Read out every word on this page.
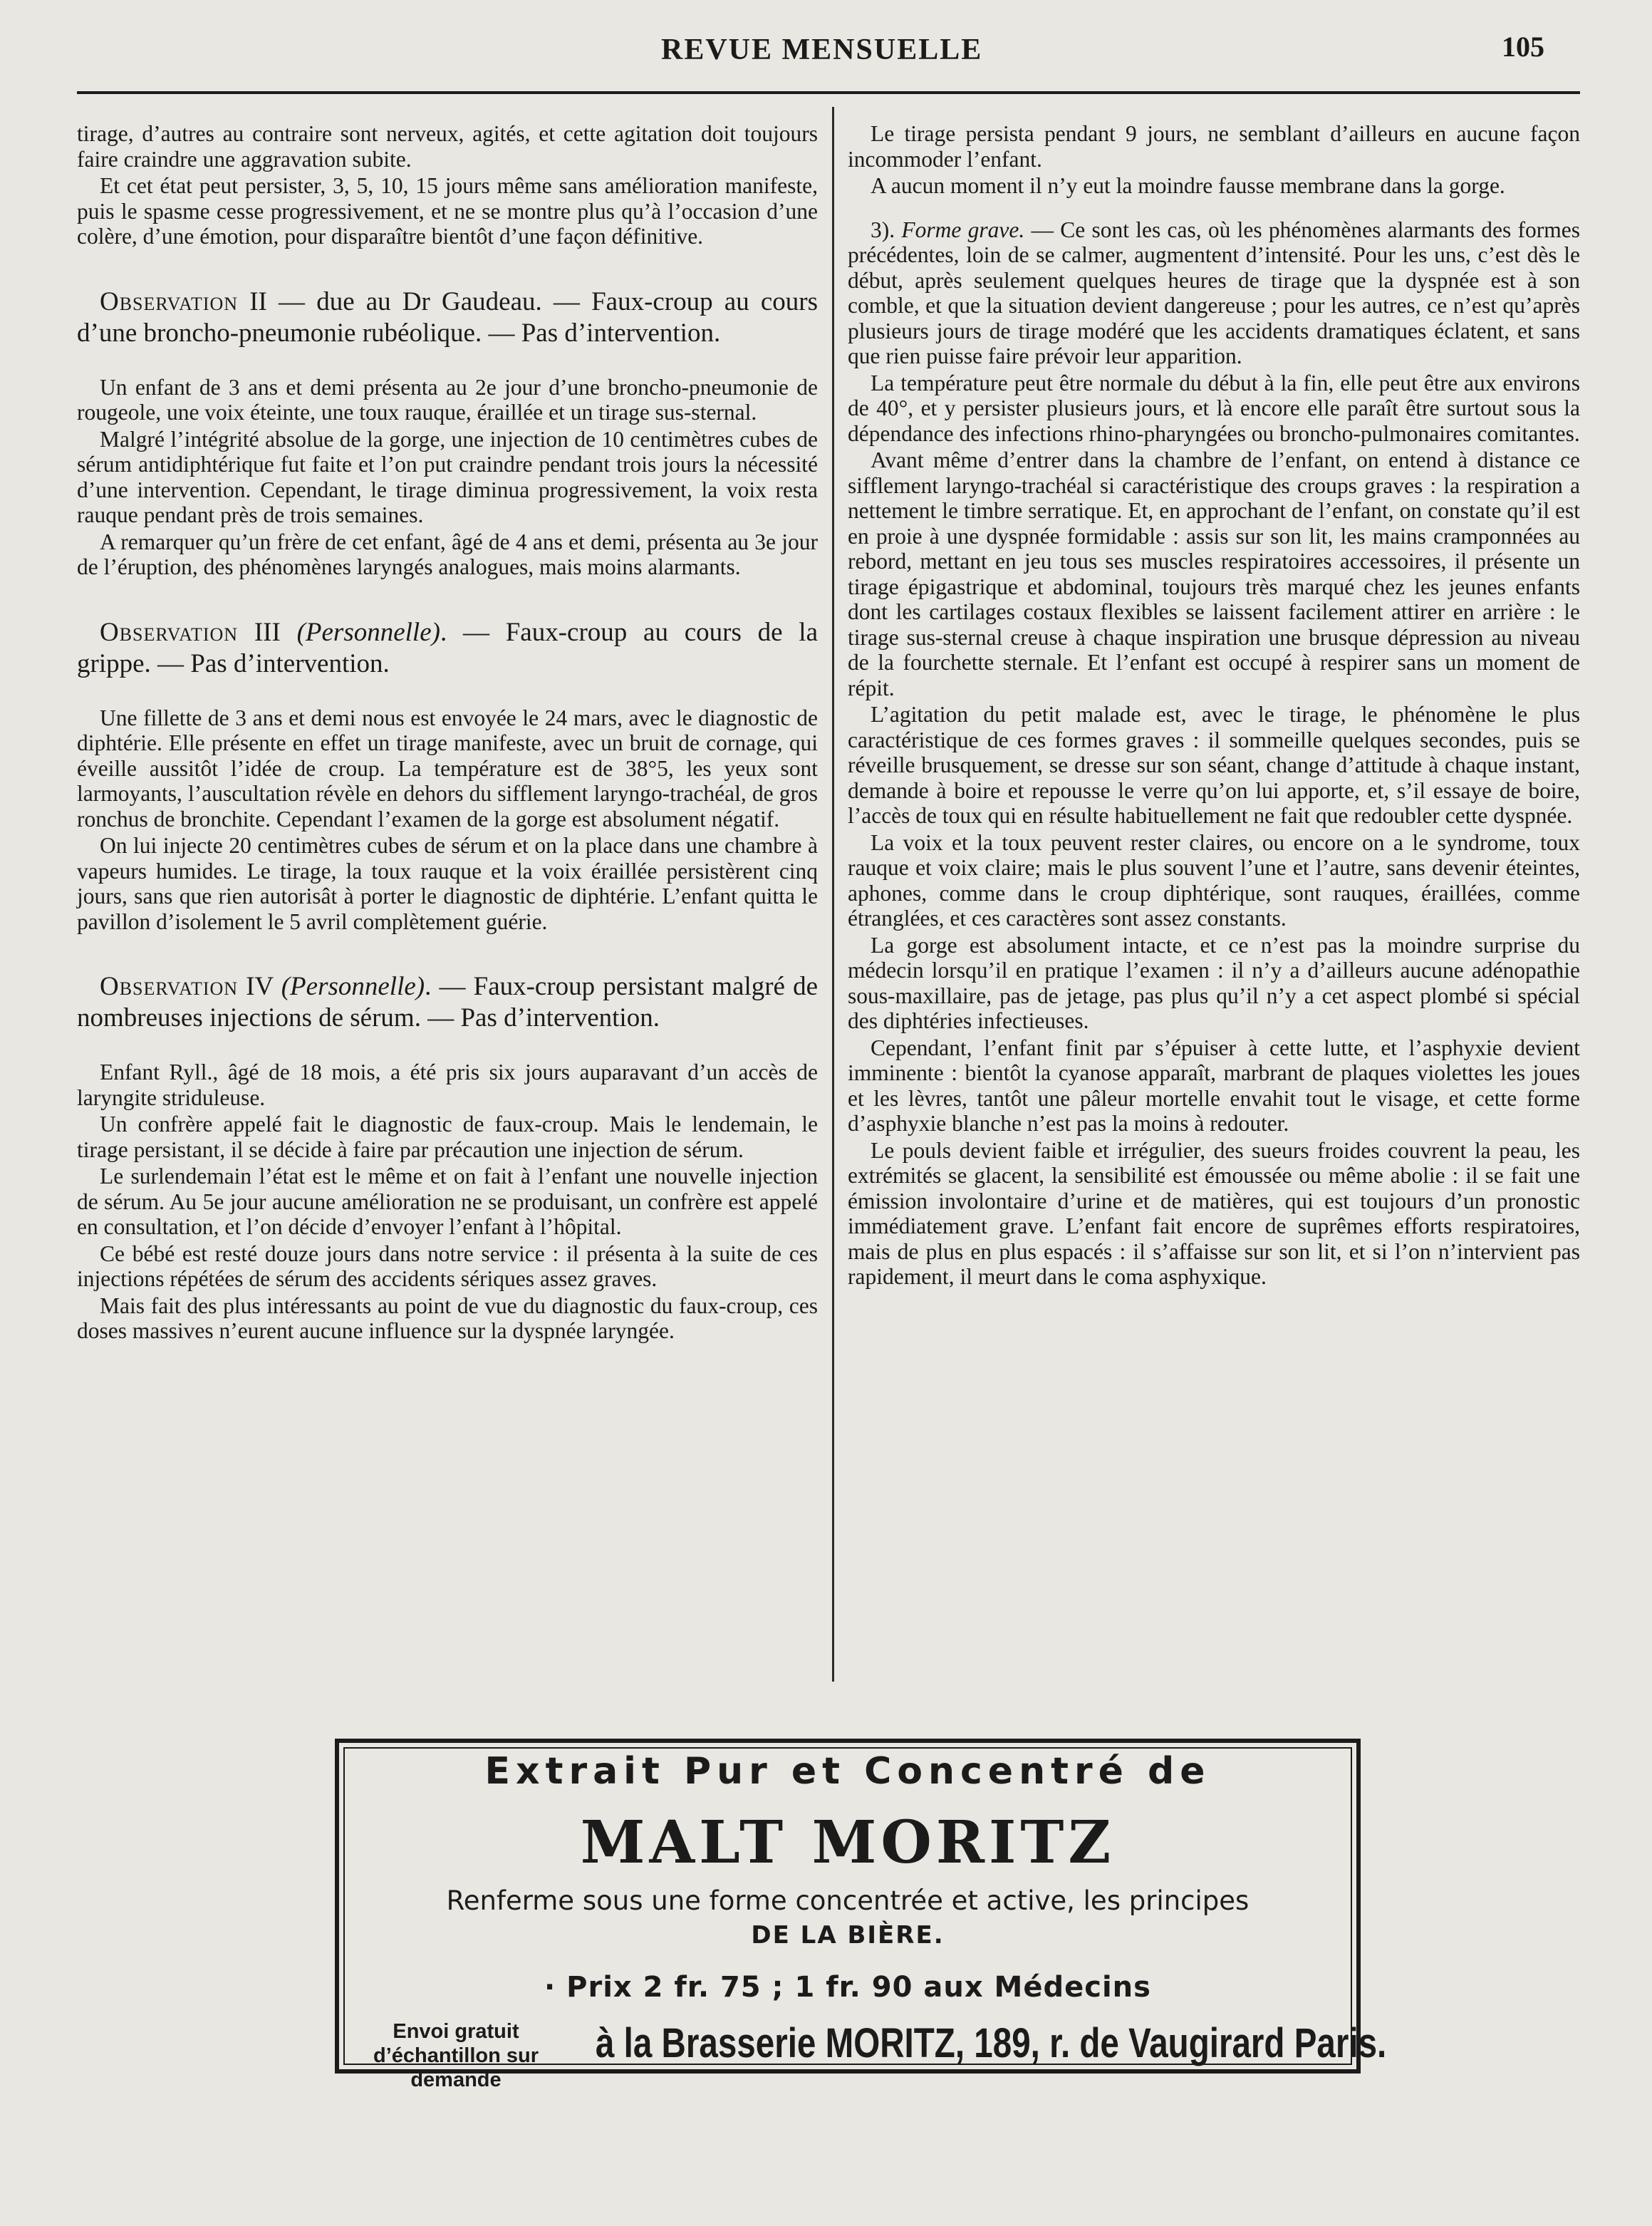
REVUE MENSUELLE	105

tirage, d’autres au contraire sont nerveux, agités, et cette agitation doit toujours faire craindre une aggravation subite.

Et cet état peut persister, 3, 5, 10, 15 jours même sans amélioration manifeste, puis le spasme cesse progressivement, et ne se montre plus qu’à l’occasion d’une colère, d’une émotion, pour disparaître bientôt d’une façon définitive.

Observation II — due au Dr Gaudeau. — Faux-croup au cours d’une broncho-pneumonie rubéolique. — Pas d’intervention.

Un enfant de 3 ans et demi présenta au 2e jour d’une broncho-pneumonie de rougeole, une voix éteinte, une toux rauque, éraillée et un tirage sus-sternal.

Malgré l’intégrité absolue de la gorge, une injection de 10 centimètres cubes de sérum antidiphtérique fut faite et l’on put craindre pendant trois jours la nécessité d’une intervention. Cependant, le tirage diminua progressivement, la voix resta rauque pendant près de trois semaines.

A remarquer qu’un frère de cet enfant, âgé de 4 ans et demi, présenta au 3e jour de l’éruption, des phénomènes laryngés analogues, mais moins alarmants.

Observation III (Personnelle). — Faux-croup au cours de la grippe. — Pas d’intervention.

Une fillette de 3 ans et demi nous est envoyée le 24 mars, avec le diagnostic de diphtérie. Elle présente en effet un tirage manifeste, avec un bruit de cornage, qui éveille aussitôt l’idée de croup. La température est de 38°5, les yeux sont larmoyants, l’auscultation révèle en dehors du sifflement laryngo-trachéal, de gros ronchus de bronchite. Cependant l’examen de la gorge est absolument négatif.

On lui injecte 20 centimètres cubes de sérum et on la place dans une chambre à vapeurs humides. Le tirage, la toux rauque et la voix éraillée persistèrent cinq jours, sans que rien autorisât à porter le diagnostic de diphtérie. L’enfant quitta le pavillon d’isolement le 5 avril complètement guérie.

Observation IV (Personnelle). — Faux-croup persistant malgré de nombreuses injections de sérum. — Pas d’intervention.

Enfant Ryll., âgé de 18 mois, a été pris six jours auparavant d’un accès de laryngite striduleuse.

Un confrère appelé fait le diagnostic de faux-croup. Mais le lendemain, le tirage persistant, il se décide à faire par précaution une injection de sérum.

Le surlendemain l’état est le même et on fait à l’enfant une nouvelle injection de sérum. Au 5e jour aucune amélioration ne se produisant, un confrère est appelé en consultation, et l’on décide d’envoyer l’enfant à l’hôpital.

Ce bébé est resté douze jours dans notre service : il présenta à la suite de ces injections répétées de sérum des accidents sériques assez graves.

Mais fait des plus intéressants au point de vue du diagnostic du faux-croup, ces doses massives n’eurent aucune influence sur la dyspnée laryngée.

Le tirage persista pendant 9 jours, ne semblant d’ailleurs en aucune façon incommoder l’enfant.

A aucun moment il n’y eut la moindre fausse membrane dans la gorge.

3). Forme grave. — Ce sont les cas, où les phénomènes alarmants des formes précédentes, loin de se calmer, augmentent d’intensité. Pour les uns, c’est dès le début, après seulement quelques heures de tirage que la dyspnée est à son comble, et que la situation devient dangereuse ; pour les autres, ce n’est qu’après plusieurs jours de tirage modéré que les accidents dramatiques éclatent, et sans que rien puisse faire prévoir leur apparition.

La température peut être normale du début à la fin, elle peut être aux environs de 40°, et y persister plusieurs jours, et là encore elle paraît être surtout sous la dépendance des infections rhino-pharyngées ou broncho-pulmonaires comitantes.

Avant même d’entrer dans la chambre de l’enfant, on entend à distance ce sifflement laryngo-trachéal si caractéristique des croups graves : la respiration a nettement le timbre serratique. Et, en approchant de l’enfant, on constate qu’il est en proie à une dyspnée formidable : assis sur son lit, les mains cramponnées au rebord, mettant en jeu tous ses muscles respiratoires accessoires, il présente un tirage épigastrique et abdominal, toujours très marqué chez les jeunes enfants dont les cartilages costaux flexibles se laissent facilement attirer en arrière : le tirage sus-sternal creuse à chaque inspiration une brusque dépression au niveau de la fourchette sternale. Et l’enfant est occupé à respirer sans un moment de répit.

L’agitation du petit malade est, avec le tirage, le phénomène le plus caractéristique de ces formes graves : il sommeille quelques secondes, puis se réveille brusquement, se dresse sur son séant, change d’attitude à chaque instant, demande à boire et repousse le verre qu’on lui apporte, et, s’il essaye de boire, l’accès de toux qui en résulte habituellement ne fait que redoubler cette dyspnée.

La voix et la toux peuvent rester claires, ou encore on a le syndrome, toux rauque et voix claire; mais le plus souvent l’une et l’autre, sans devenir éteintes, aphones, comme dans le croup diphtérique, sont rauques, éraillées, comme étranglées, et ces caractères sont assez constants.

La gorge est absolument intacte, et ce n’est pas la moindre surprise du médecin lorsqu’il en pratique l’examen : il n’y a d’ailleurs aucune adénopathie sous-maxillaire, pas de jetage, pas plus qu’il n’y a cet aspect plombé si spécial des diphtéries infectieuses.

Cependant, l’enfant finit par s’épuiser à cette lutte, et l’asphyxie devient imminente : bientôt la cyanose apparaît, marbrant de plaques violettes les joues et les lèvres, tantôt une pâleur mortelle envahit tout le visage, et cette forme d’asphyxie blanche n’est pas la moins à redouter.

Le pouls devient faible et irrégulier, des sueurs froides couvrent la peau, les extrémités se glacent, la sensibilité est émoussée ou même abolie : il se fait une émission involontaire d’urine et de matières, qui est toujours d’un pronostic immédiatement grave. L’enfant fait encore de suprêmes efforts respiratoires, mais de plus en plus espacés : il s’affaisse sur son lit, et si l’on n’intervient pas rapidement, il meurt dans le coma asphyxique.

Extrait Pur et Concentré de
MALT MORITZ
Renferme sous une forme concentrée et active, les principes
DE LA BIÈRE.
· Prix 2 fr. 75 ; 1 fr. 90 aux Médecins
Envoi gratuit d’échantillon sur demande
à la Brasserie MORITZ, 189, r. de Vaugirard Paris.
